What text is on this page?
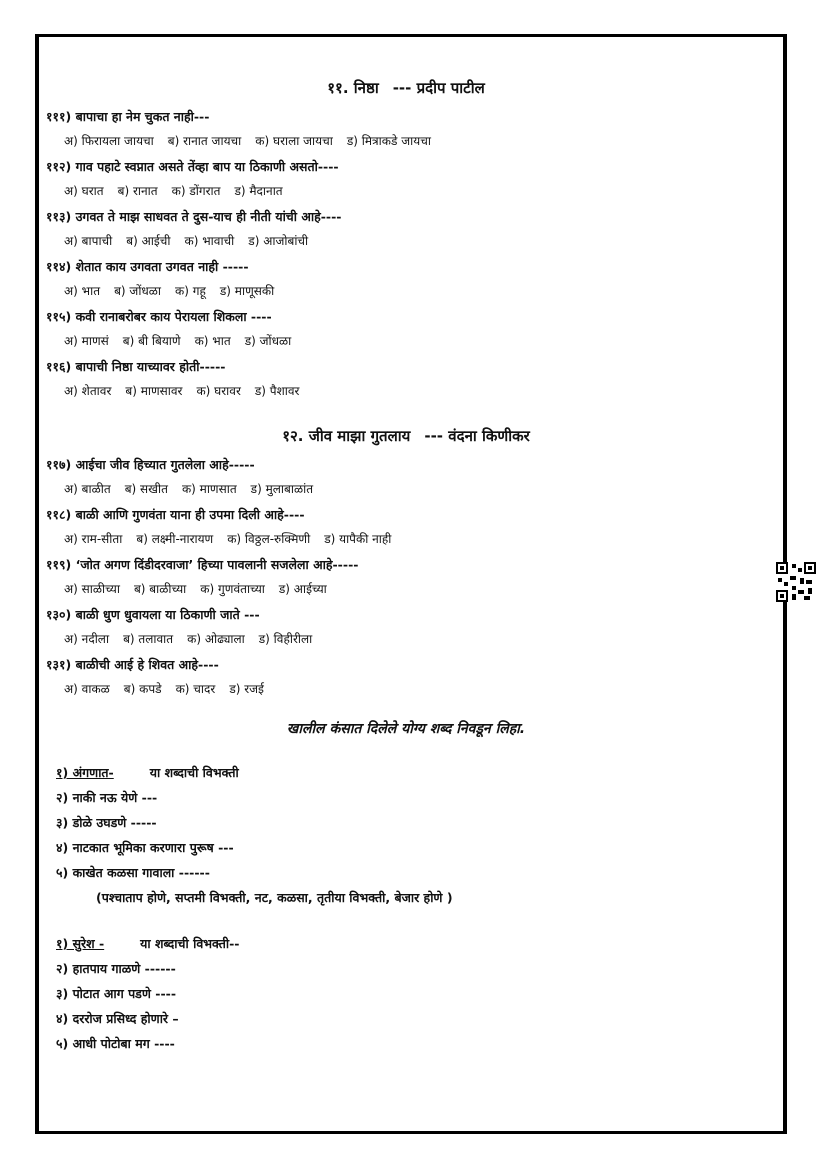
११. निष्ठा --- प्रदीप पाटील
१११) बापाचा हा नेम चुकत नाही---
अ) फिरायला जायचा ब) रानात जायचा क) घराला जायचा ड) मित्राकडे जायचा
११२) गाव पहाटे स्वप्नात असते तेंव्हा बाप या ठिकाणी असतो----
अ) घरात ब) रानात क) डोंगरात ड) मैदानात
११३) उगवत ते माझ साधवत ते दुस-याच ही नीती यांची आहे----
अ) बापाची ब) आईची क) भावाची ड) आजोबांची
११४) शेतात काय उगवता उगवत नाही -----
अ) भात ब) जोंधळा क) गहू ड) माणूसकी
११५) कवी रानाबरोबर काय पेरायला शिकला ----
अ) माणसं ब) बी बियाणे क) भात ड) जोंधळा
११६) बापाची निष्ठा याच्यावर होती-----
अ) शेतावर ब) माणसावर क) घरावर ड) पैशावर
१२. जीव माझा गुतलाय --- वंदना किणीकर
११७) आईचा जीव हिच्यात गुतलेला आहे-----
अ) बाळीत ब) सखीत क) माणसात ड) मुलाबाळांत
११८) बाळी आणि गुणवंता याना ही उपमा दिली आहे----
अ) राम-सीता ब) लक्ष्मी-नारायण क) विठ्ठल-रुक्मिणी ड) यापैकी नाही
११९) ‘जोत अगण दिंडीदरवाजा’ हिच्या पावलानी सजलेला आहे-----
अ) साळीच्या ब) बाळीच्या क) गुणवंताच्या ड) आईच्या
१३०) बाळी धुण धुवायला या ठिकाणी जाते ---
अ) नदीला ब) तलावात क) ओढ्याला ड) विहीरीला
१३१) बाळीची आई हे शिवत आहे----
अ) वाकळ ब) कपडे क) चादर ड) रजई
खालील कंसात दिलेले योग्य शब्द निवडून लिहा.
१) अंगणात-	या शब्दाची विभक्ती
२) नाकी नऊ येणे ---
३) डोळे उघडणे -----
४) नाटकात भूमिका करणारा पुरूष ---
५) काखेत कळसा गावाला ------
(पश्चाताप होणे, सप्तमी विभक्ती, नट, कळसा, तृतीया विभक्ती, बेजार होणे )
१) सुरेश -	या शब्दाची विभक्ती--
२) हातपाय गाळणे ------
३) पोटात आग पडणे ----
४) दररोज प्रसिध्द होणारे –
५) आधी पोटोबा मग ----
